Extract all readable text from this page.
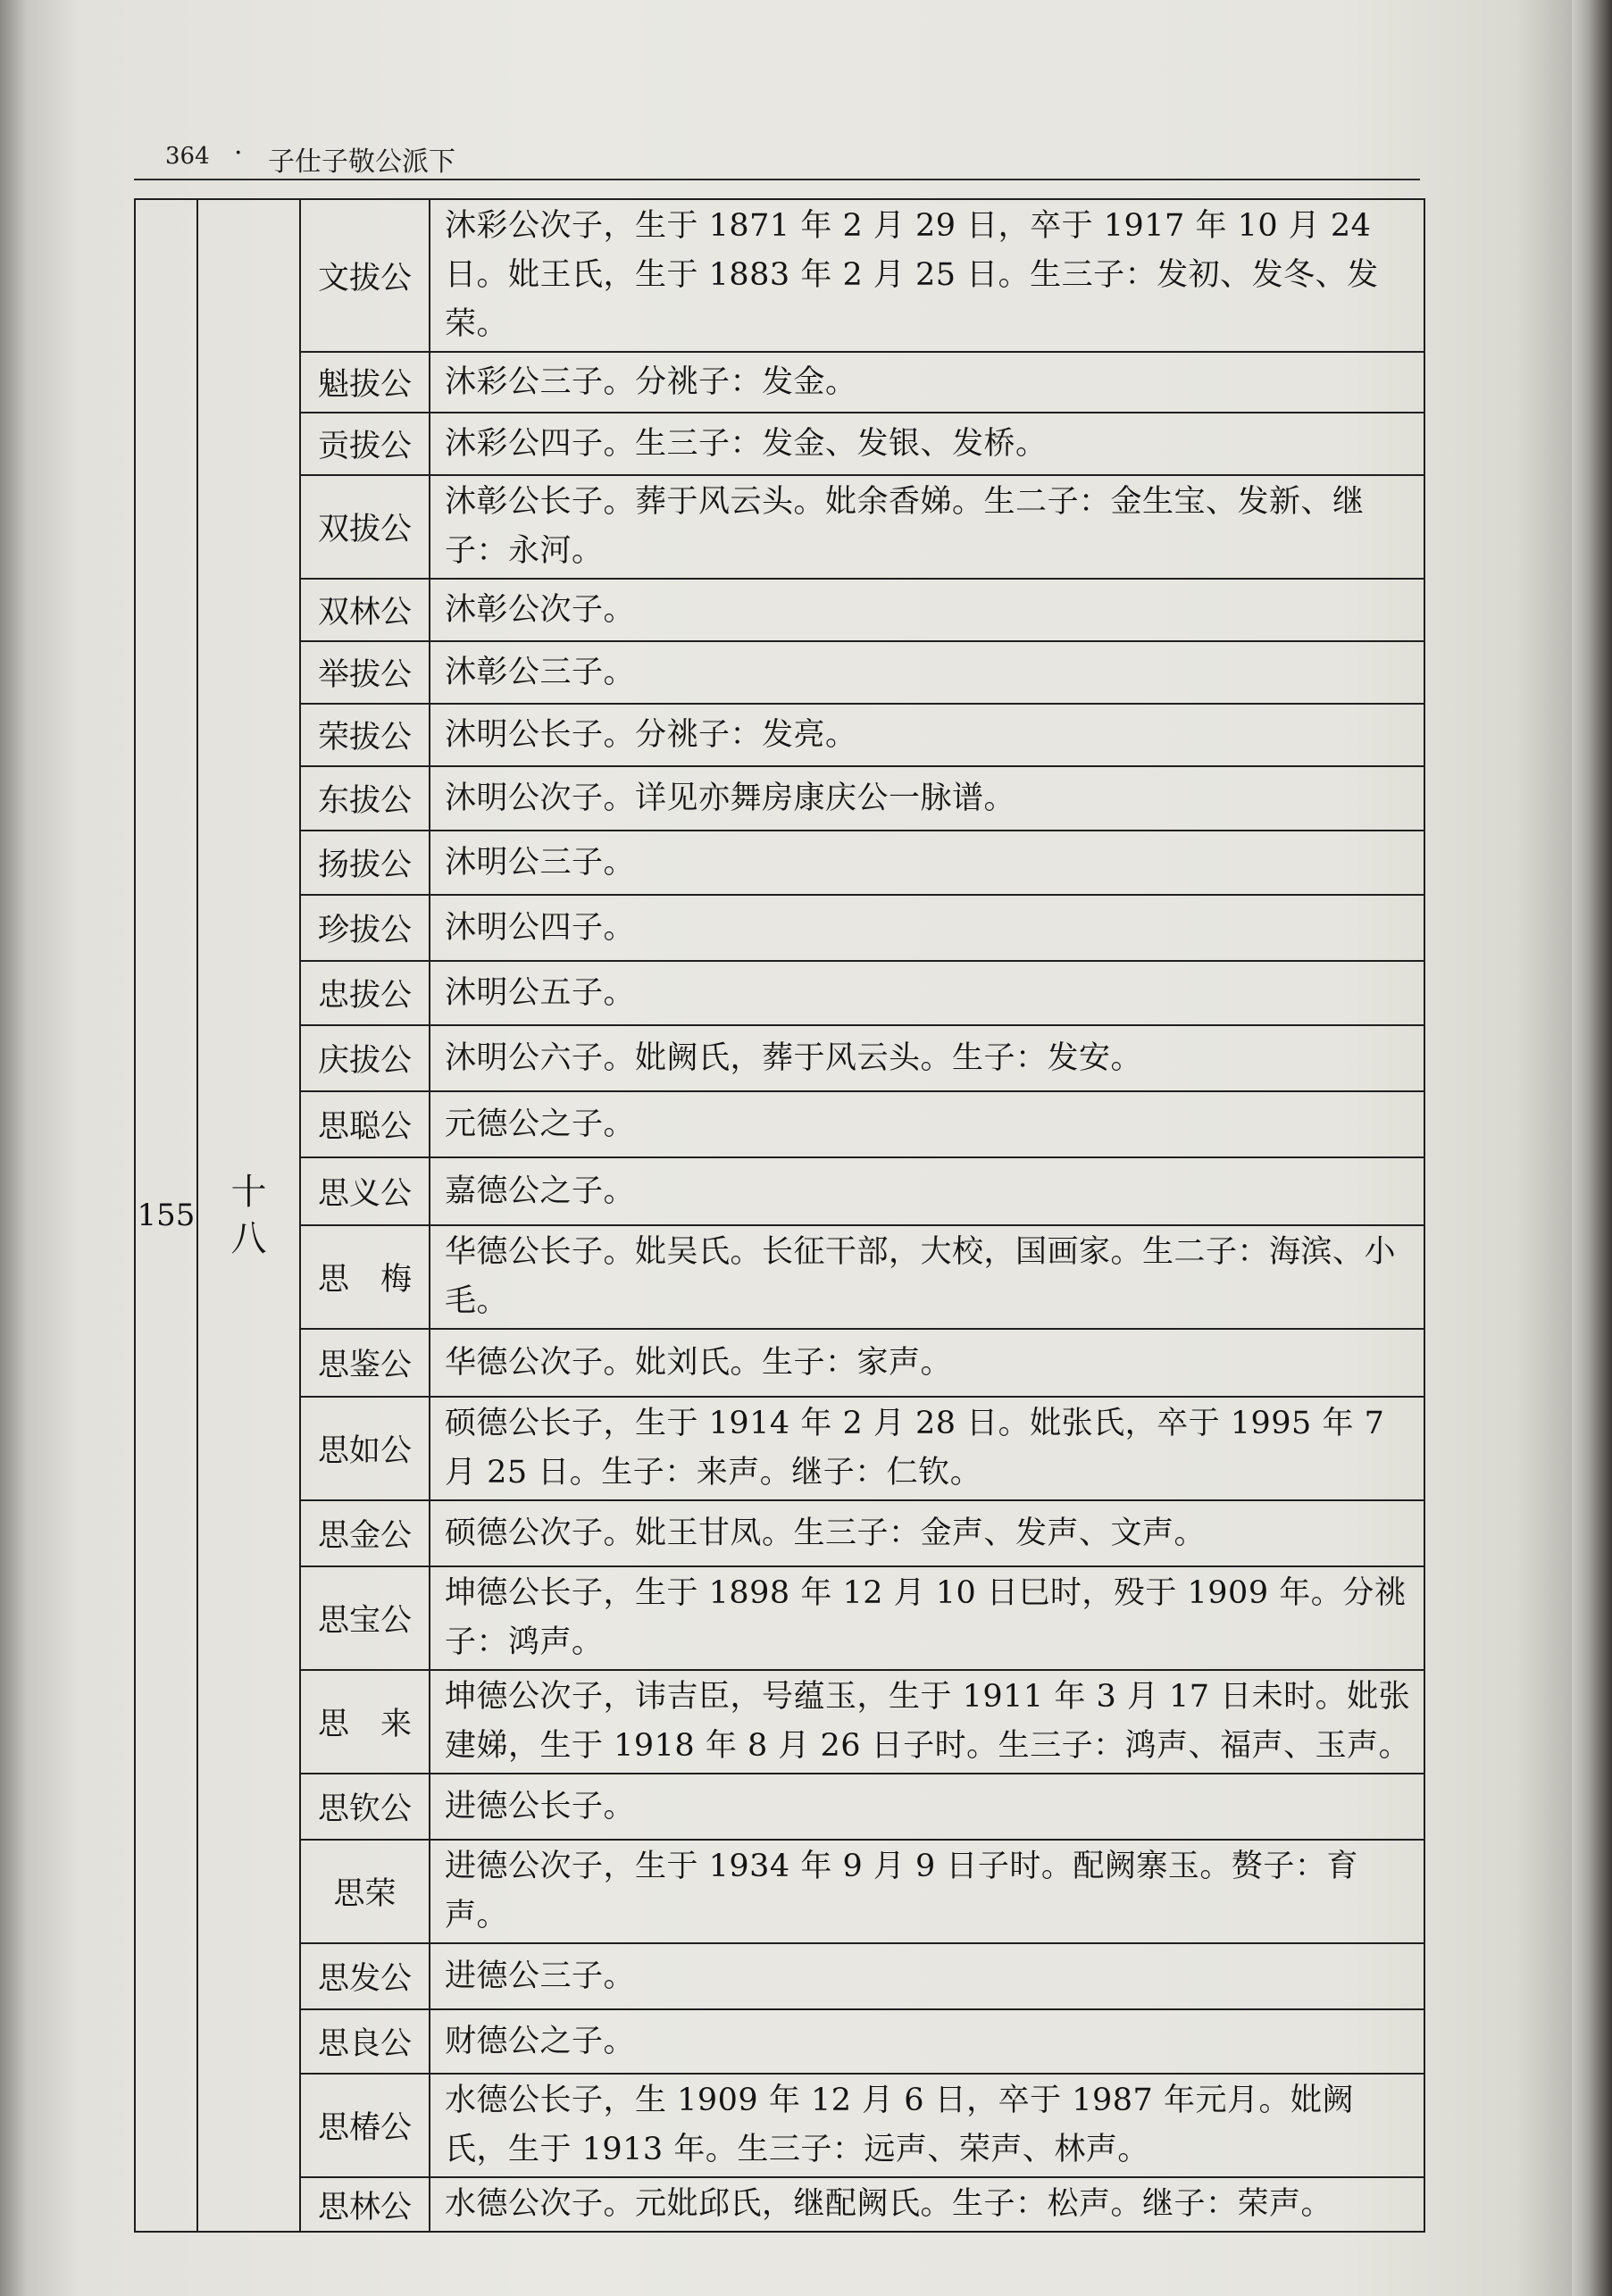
364 · 子仕子敬公派下
155	十八	文拔公	沐彩公次子，生于 1871 年 2 月 29 日，卒于 1917 年 10 月 24 日。妣王氏，生于 1883 年 2 月 25 日。生三子：发初、发冬、发荣。
		魁拔公	沐彩公三子。分祧子：发金。
		贡拔公	沐彩公四子。生三子：发金、发银、发桥。
		双拔公	沐彰公长子。葬于风云头。妣余香娣。生二子：金生宝、发新、继子：永河。
		双林公	沐彰公次子。
		举拔公	沐彰公三子。
		荣拔公	沐明公长子。分祧子：发亮。
		东拔公	沐明公次子。详见亦舞房康庆公一脉谱。
		扬拔公	沐明公三子。
		珍拔公	沐明公四子。
		忠拔公	沐明公五子。
		庆拔公	沐明公六子。妣阙氏，葬于风云头。生子：发安。
		思聪公	元德公之子。
		思义公	嘉德公之子。
		思　梅	华德公长子。妣吴氏。长征干部，大校，国画家。生二子：海滨、小毛。
		思鉴公	华德公次子。妣刘氏。生子：家声。
		思如公	硕德公长子，生于 1914 年 2 月 28 日。妣张氏，卒于 1995 年 7 月 25 日。生子：来声。继子：仁钦。
		思金公	硕德公次子。妣王甘凤。生三子：金声、发声、文声。
		思宝公	坤德公长子，生于 1898 年 12 月 10 日巳时，殁于 1909 年。分祧子：鸿声。
		思　来	坤德公次子，讳吉臣，号蕴玉，生于 1911 年 3 月 17 日未时。妣张建娣，生于 1918 年 8 月 26 日子时。生三子：鸿声、福声、玉声。
		思钦公	进德公长子。
		思荣	进德公次子，生于 1934 年 9 月 9 日子时。配阙寨玉。赘子：育声。
		思发公	进德公三子。
		思良公	财德公之子。
		思椿公	水德公长子，生 1909 年 12 月 6 日，卒于 1987 年元月。妣阙氏，生于 1913 年。生三子：远声、荣声、林声。
		思林公	水德公次子。元妣邱氏，继配阙氏。生子：松声。继子：荣声。
